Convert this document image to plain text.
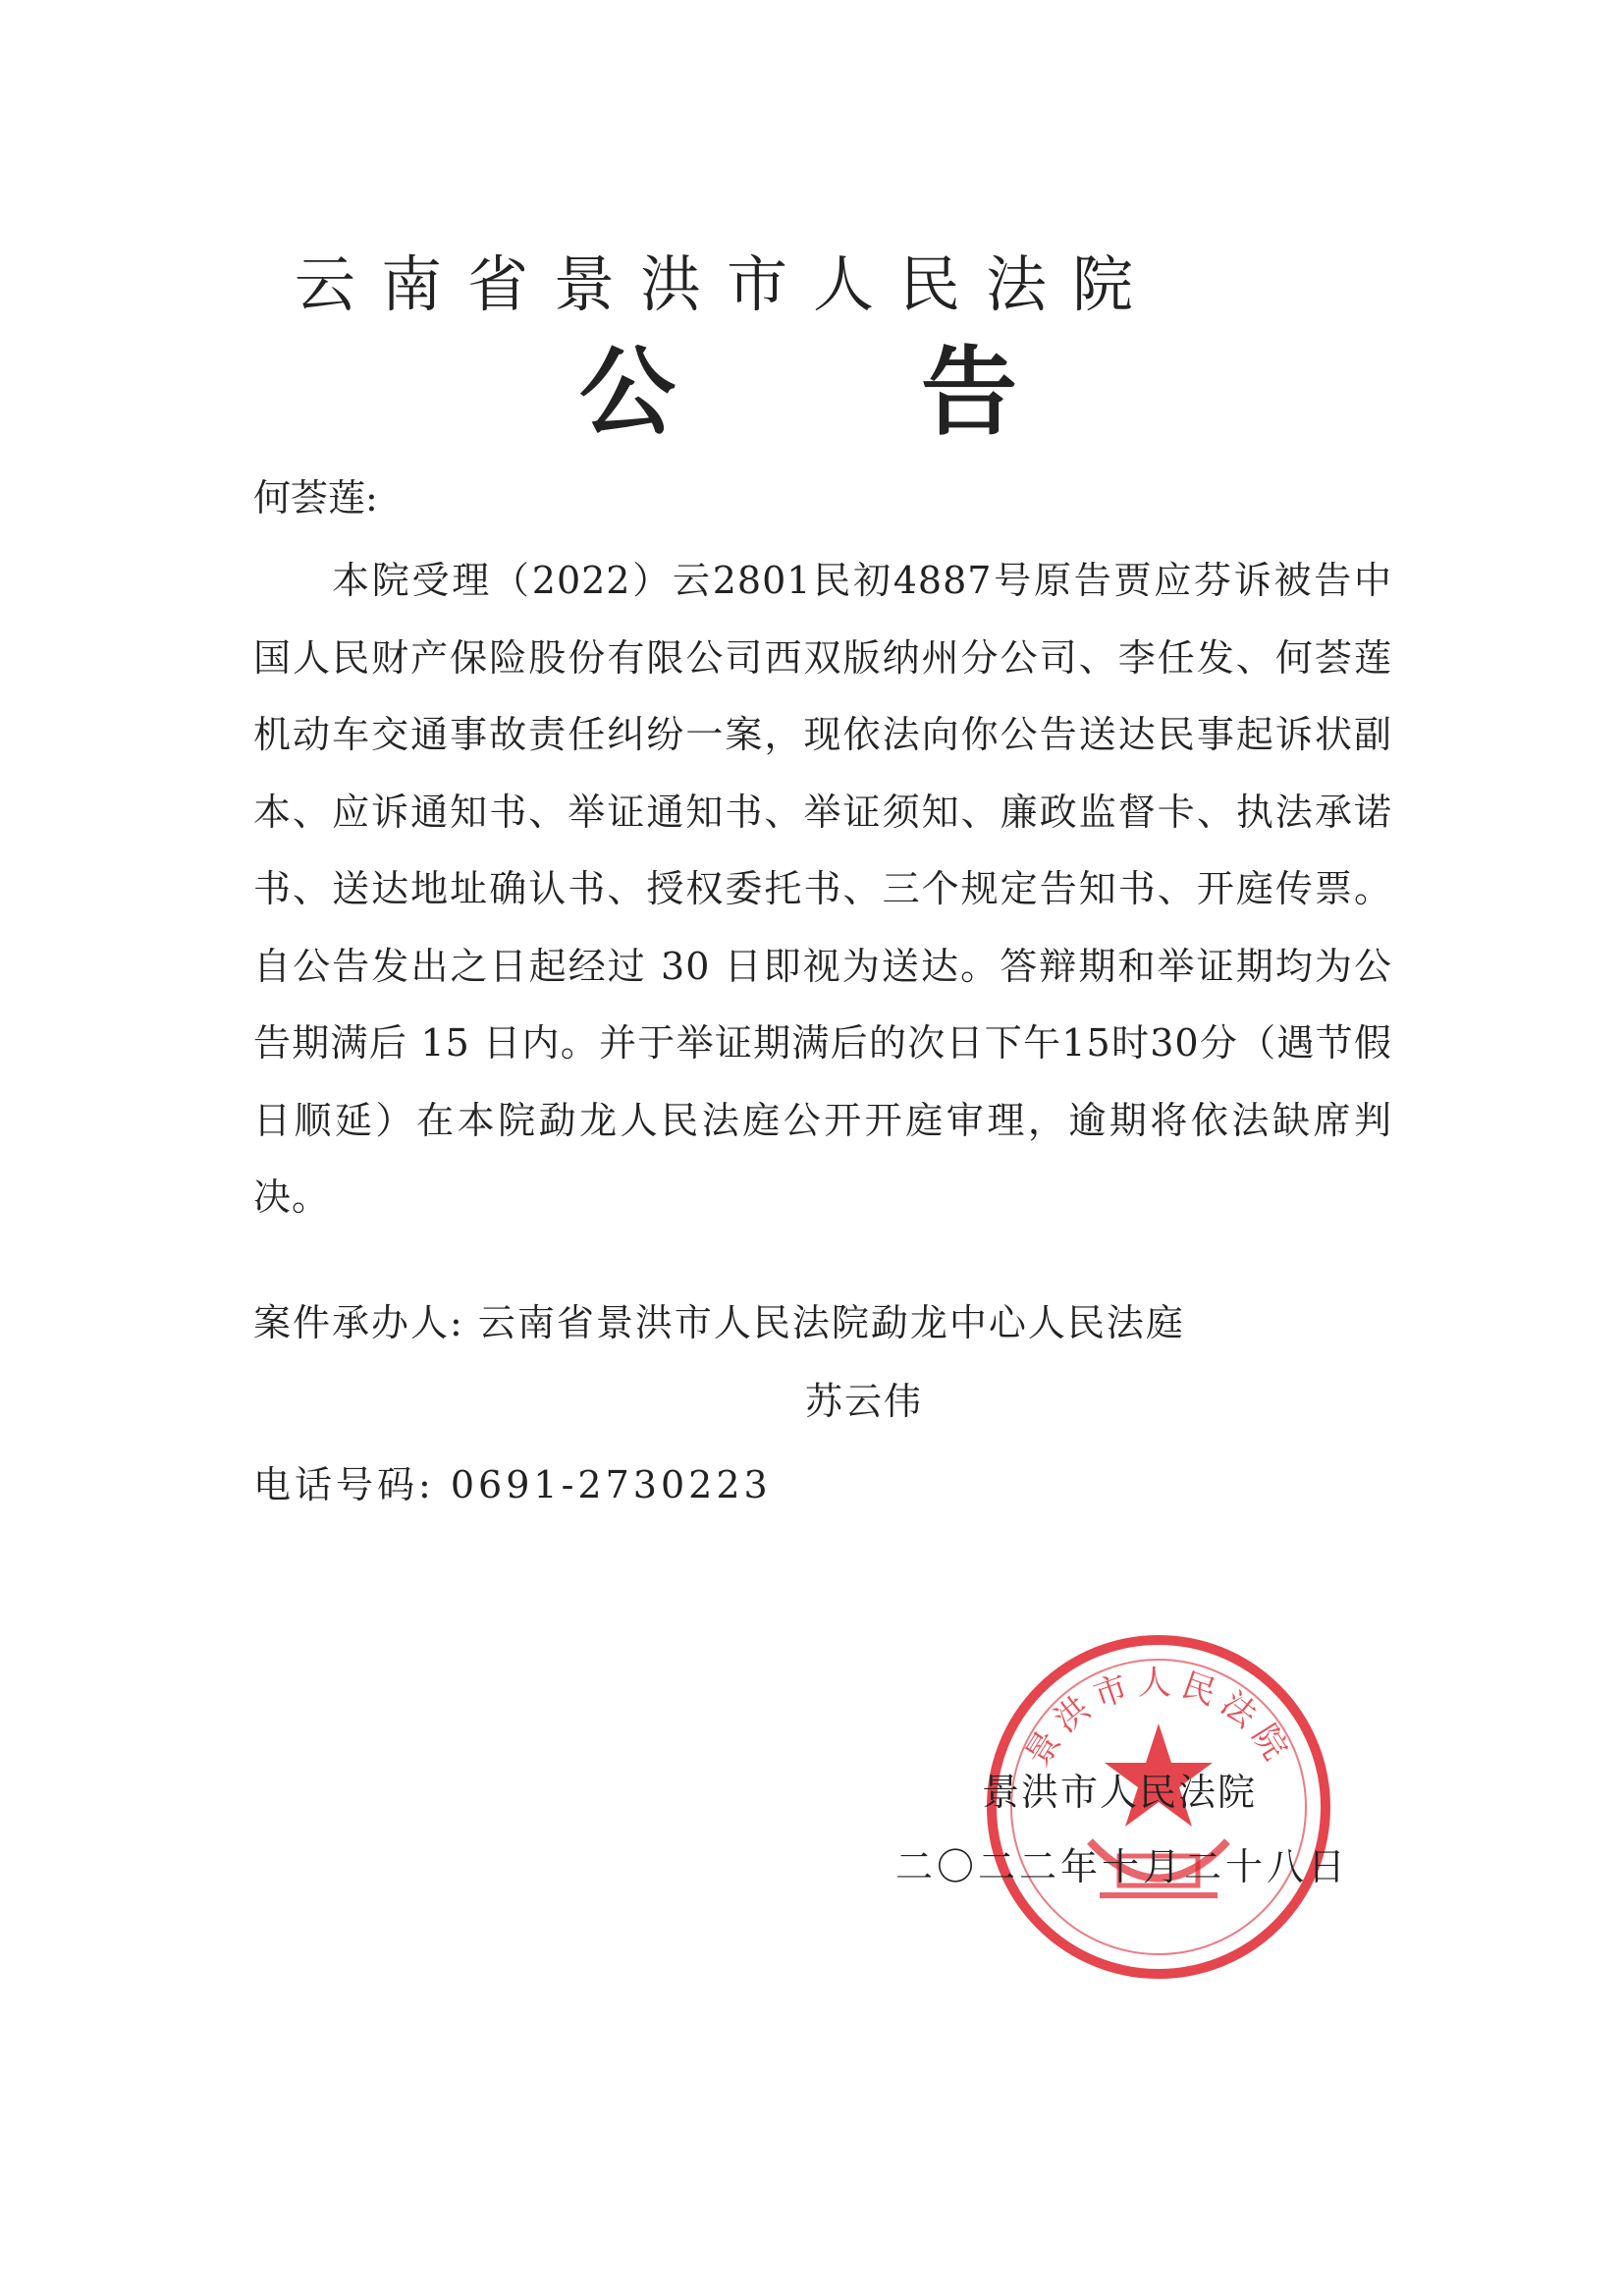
云南省景洪市人民法院
公告
何荟莲:
本院受理（2022）云2801民初4887号原告贾应芬诉被告中国人民财产保险股份有限公司西双版纳州分公司、李任发、何荟莲机动车交通事故责任纠纷一案，现依法向你公告送达民事起诉状副本、应诉通知书、举证通知书、举证须知、廉政监督卡、执法承诺书、送达地址确认书、授权委托书、三个规定告知书、开庭传票。自公告发出之日起经过 30 日即视为送达。答辩期和举证期均为公告期满后 15 日内。并于举证期满后的次日下午15时30分（遇节假日顺延）在本院勐龙人民法庭公开开庭审理，逾期将依法缺席判决。
案件承办人: 云南省景洪市人民法院勐龙中心人民法庭
苏云伟
电话号码: 0691-2730223
景洪市人民法院
景洪市人民法院
二〇二二年十月二十八日
